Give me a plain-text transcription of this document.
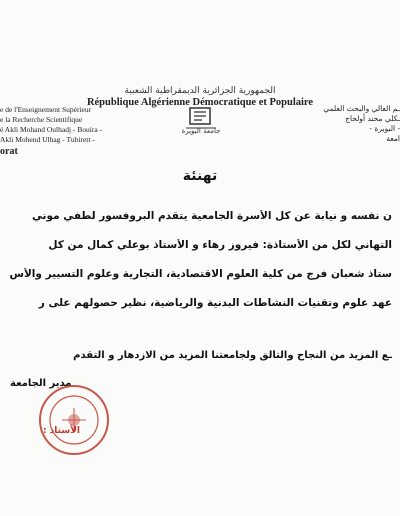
الجمهورية الجزائرية الديمقراطية الشعبية
République Algérienne Démocratique et Populaire
e de l'Enseignement Supérieur
e la Recherche Scientifique
é Akli Mohand Oulhadj - Bouira -
Akli Mohend Ulhag - Tubirett -
orat
جامعة البويرة
ـم العالي والبحث العلمي
ـكلي محند أولحاج
- البويرة -
امعة
تهنئة
ن نفسه و نيابة عن كل الأسرة الجامعية يتقدم البروفسور لطفي موني
التهاني لكل من الأستاذة: فيروز رهاء و الأستاذ بوعلي كمال من كل
ستاذ شعبان فرج من كلية العلوم الاقتصادية، التجارية وعلوم التسيير والأس
عهد علوم وتقنيات النشاطات البدنية والرياضية، نظير حصولهم على ر
ـع المزيد من النجاح والتألق ولجامعتنا المزيد من الازدهار و التقدم
مدير الجامعة
الأستاذ :
